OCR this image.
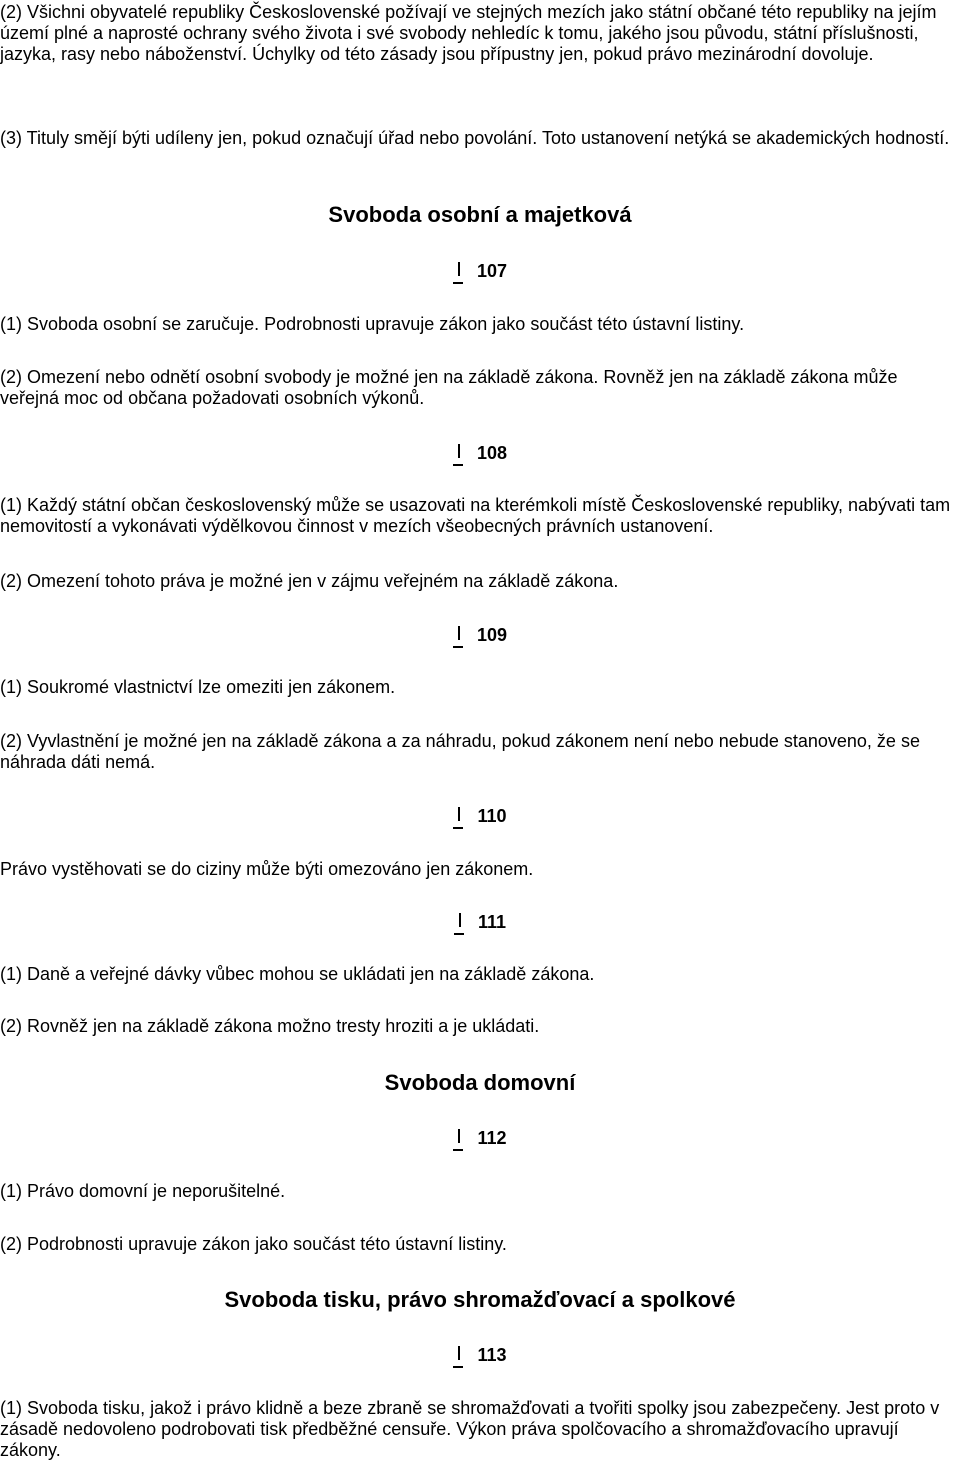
(2) Všichni obyvatelé republiky Československé požívají ve stejných mezích jako státní občané této republiky na jejím území plné a naprosté ochrany svého života i své svobody nehledíc k tomu, jakého jsou původu, státní příslušnosti, jazyka, rasy nebo náboženství. Úchylky od této zásady jsou přípustny jen, pokud právo mezinárodní dovoluje.

(3) Tituly smějí býti udíleny jen, pokud označují úřad nebo povolání. Toto ustanovení netýká se akademických hodností.

Svoboda osobní a majetková
107

(1) Svoboda osobní se zaručuje. Podrobnosti upravuje zákon jako součást této ústavní listiny.

(2) Omezení nebo odnětí osobní svobody je možné jen na základě zákona. Rovněž jen na základě zákona může veřejná moc od občana požadovati osobních výkonů.

108

(1) Každý státní občan československý může se usazovati na kterémkoli místě Československé republiky, nabývati tam nemovitostí a vykonávati výdělkovou činnost v mezích všeobecných právních ustanovení.

(2) Omezení tohoto práva je možné jen v zájmu veřejném na základě zákona.

109

(1) Soukromé vlastnictví lze omeziti jen zákonem.

(2) Vyvlastnění je možné jen na základě zákona a za náhradu, pokud zákonem není nebo nebude stanoveno, že se náhrada dáti nemá.

110

Právo vystěhovati se do ciziny může býti omezováno jen zákonem.

111

(1) Daně a veřejné dávky vůbec mohou se ukládati jen na základě zákona.

(2) Rovněž jen na základě zákona možno tresty hroziti a je ukládati.

Svoboda domovní
112

(1) Právo domovní je neporušitelné.

(2) Podrobnosti upravuje zákon jako součást této ústavní listiny.

Svoboda tisku, právo shromažďovací a spolkové
113

(1) Svoboda tisku, jakož i právo klidně a beze zbraně se shromažďovati a tvořiti spolky jsou zabezpečeny. Jest proto v zásadě nedovoleno podrobovati tisk předběžné censuře. Výkon práva spolčovacího a shromažďovacího upravují zákony.
